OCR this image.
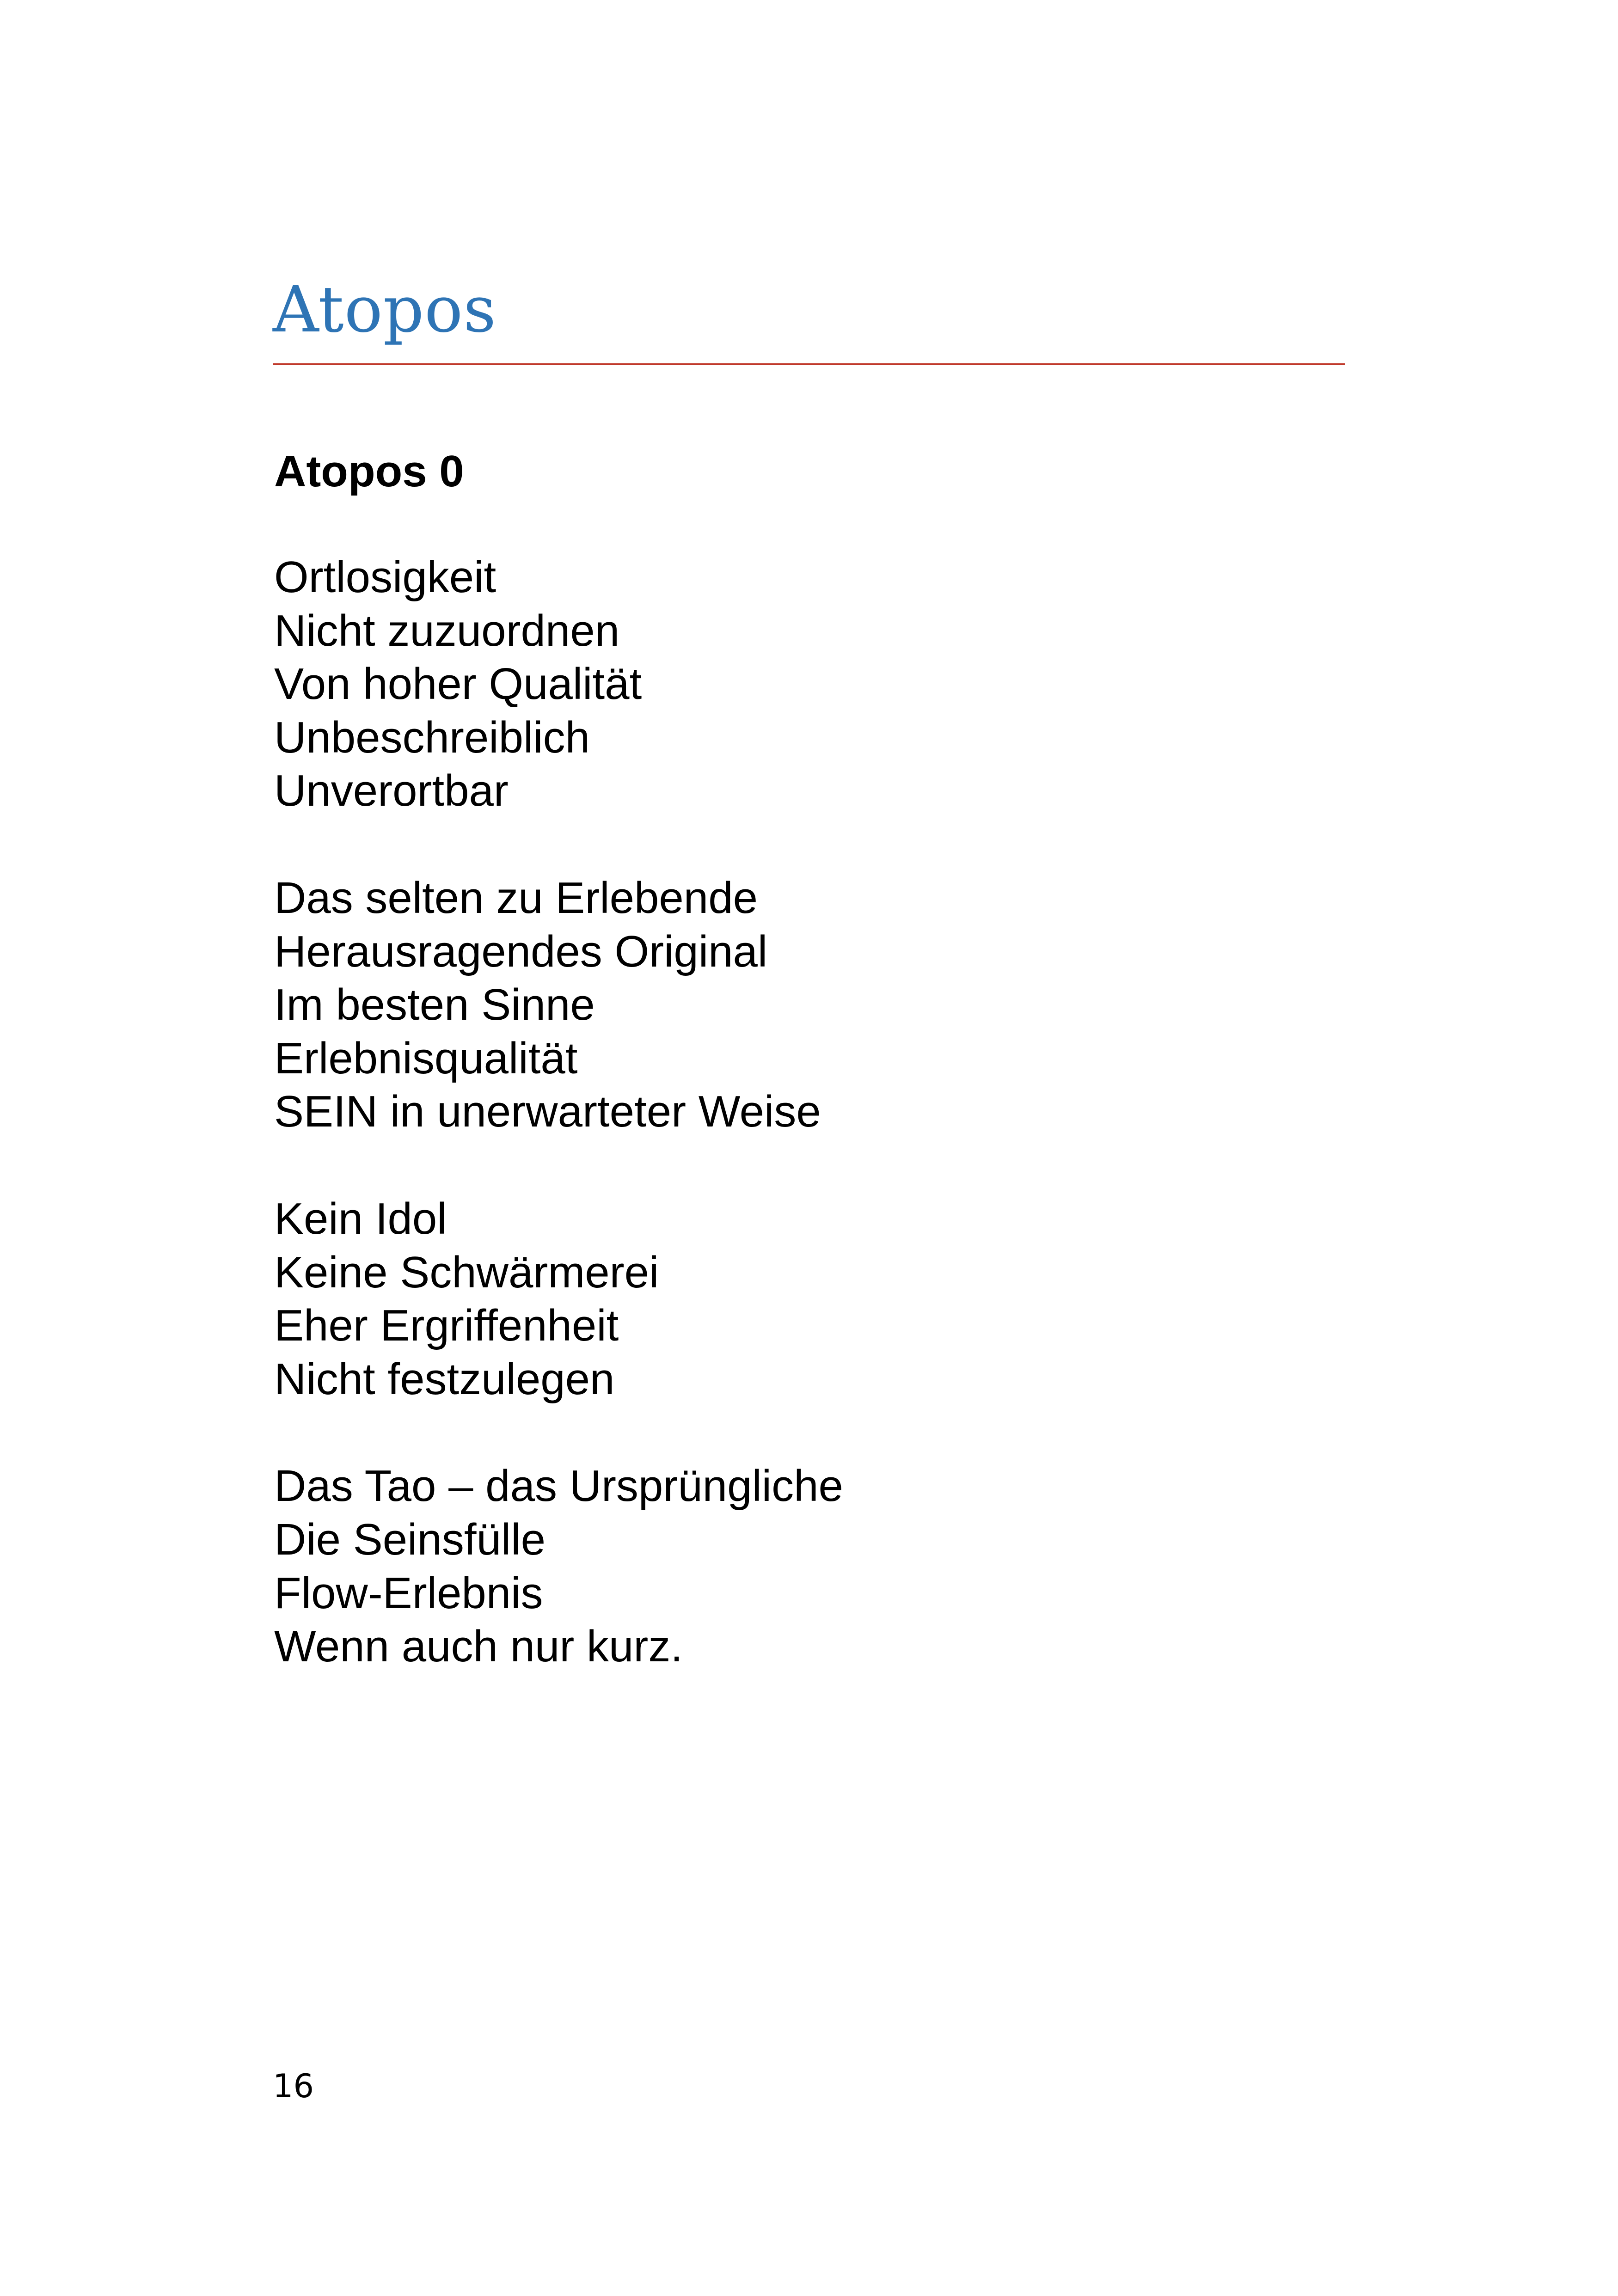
Atopos
Atopos 0
Ortlosigkeit
Nicht zuzuordnen
Von hoher Qualität
Unbeschreiblich
Unverortbar
Das selten zu Erlebende
Herausragendes Original
Im besten Sinne
Erlebnisqualität
SEIN in unerwarteter Weise
Kein Idol
Keine Schwärmerei
Eher Ergriffenheit
Nicht festzulegen
Das Tao – das Ursprüngliche
Die Seinsfülle
Flow-Erlebnis
Wenn auch nur kurz.
16
